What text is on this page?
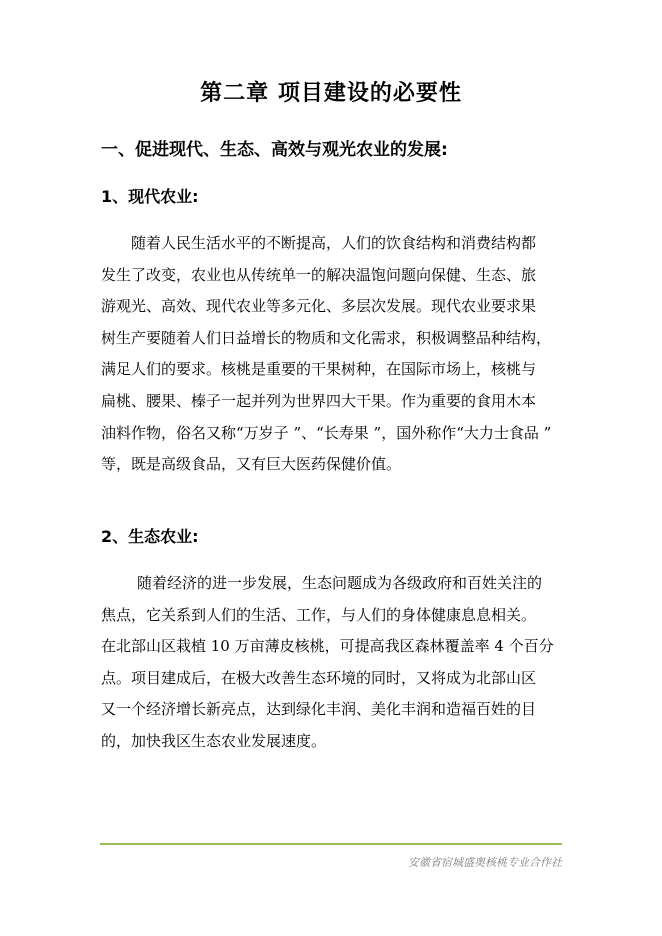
第二章 项目建设的必要性
一、促进现代、生态、高效与观光农业的发展:
1、现代农业:
随着人民生活水平的不断提高，人们的饮食结构和消费结构都
发生了改变，农业也从传统单一的解决温饱问题向保健、生态、旅
游观光、高效、现代农业等多元化、多层次发展。现代农业要求果
树生产要随着人们日益增长的物质和文化需求，积极调整品种结构，
满足人们的要求。核桃是重要的干果树种，在国际市场上，核桃与
扁桃、腰果、榛子一起并列为世界四大干果。作为重要的食用木本
油料作物，俗名又称“万岁子 ”、“长寿果 ”，国外称作“大力士食品 ”
等，既是高级食品，又有巨大医药保健价值。
2、生态农业:
随着经济的进一步发展，生态问题成为各级政府和百姓关注的
焦点，它关系到人们的生活、工作，与人们的身体健康息息相关。
在北部山区栽植 10 万亩薄皮核桃，可提高我区森林覆盖率 4 个百分
点。项目建成后，在极大改善生态环境的同时，又将成为北部山区
又一个经济增长新亮点，达到绿化丰润、美化丰润和造福百姓的目
的，加快我区生态农业发展速度。
安徽省宿城盛奥核桃专业合作社
